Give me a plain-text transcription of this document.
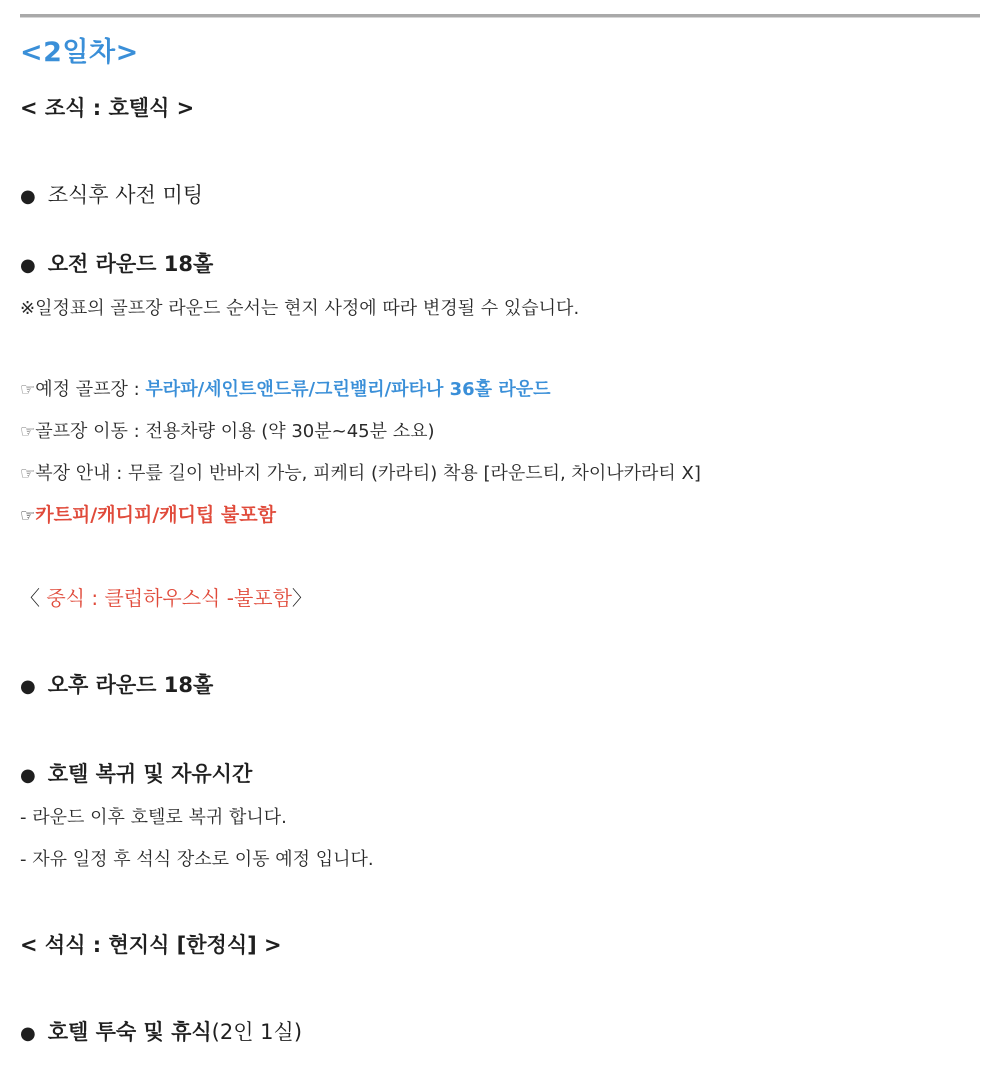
<2일차>
< 조식 : 호텔식 >
● 조식후 사전 미팅
● 오전 라운드 18홀
※일정표의 골프장 라운드 순서는 현지 사정에 따라 변경될 수 있습니다.
☞예정 골프장 : 부라파/세인트앤드류/그린밸리/파타나 36홀 라운드
☞골프장 이동 : 전용차량 이용 (약 30분~45분 소요)
☞복장 안내 : 무릎 길이 반바지 가능, 피케티 (카라티) 착용 [라운드티, 차이나카라티 X]
☞카트피/캐디피/캐디팁 불포함
〈 중식 : 클럽하우스식 -불포함〉
● 오후 라운드 18홀
● 호텔 복귀 및 자유시간
- 라운드 이후 호텔로 복귀 합니다.
- 자유 일정 후 석식 장소로 이동 예정 입니다.
< 석식 : 현지식 [한정식] >
● 호텔 투숙 및 휴식(2인 1실)
